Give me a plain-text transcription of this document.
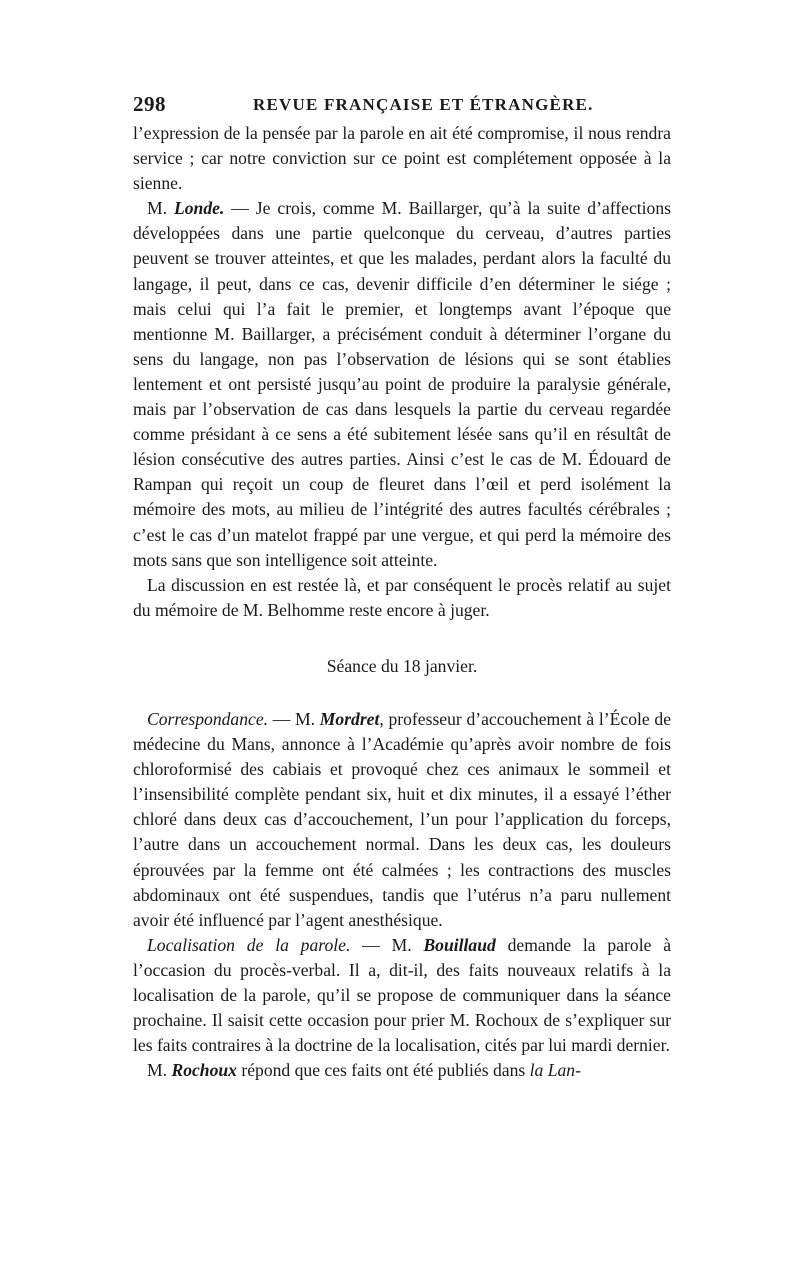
298	REVUE FRANÇAISE ET ÉTRANGÈRE.

l’expression de la pensée par la parole en ait été compromise, il nous rendra service ; car notre conviction sur ce point est complétement opposée à la sienne.

M. Londe. — Je crois, comme M. Baillarger, qu’à la suite d’affections développées dans une partie quelconque du cerveau, d’autres parties peuvent se trouver atteintes, et que les malades, perdant alors la faculté du langage, il peut, dans ce cas, devenir difficile d’en déterminer le siége ; mais celui qui l’a fait le premier, et longtemps avant l’époque que mentionne M. Baillarger, a précisément conduit à déterminer l’organe du sens du langage, non pas l’observation de lésions qui se sont établies lentement et ont persisté jusqu’au point de produire la paralysie générale, mais par l’observation de cas dans lesquels la partie du cerveau regardée comme présidant à ce sens a été subitement lésée sans qu’il en résultât de lésion consécutive des autres parties. Ainsi c’est le cas de M. Édouard de Rampan qui reçoit un coup de fleuret dans l’œil et perd isolément la mémoire des mots, au milieu de l’intégrité des autres facultés cérébrales ; c’est le cas d’un matelot frappé par une vergue, et qui perd la mémoire des mots sans que son intelligence soit atteinte.

La discussion en est restée là, et par conséquent le procès relatif au sujet du mémoire de M. Belhomme reste encore à juger.

Séance du 18 janvier.

Correspondance. — M. Mordret, professeur d’accouchement à l’École de médecine du Mans, annonce à l’Académie qu’après avoir nombre de fois chloroformisé des cabiais et provoqué chez ces animaux le sommeil et l’insensibilité complète pendant six, huit et dix minutes, il a essayé l’éther chloré dans deux cas d’accouchement, l’un pour l’application du forceps, l’autre dans un accouchement normal. Dans les deux cas, les douleurs éprouvées par la femme ont été calmées ; les contractions des muscles abdominaux ont été suspendues, tandis que l’utérus n’a paru nullement avoir été influencé par l’agent anesthésique.

Localisation de la parole. — M. Bouillaud demande la parole à l’occasion du procès-verbal. Il a, dit-il, des faits nouveaux relatifs à la localisation de la parole, qu’il se propose de communiquer dans la séance prochaine. Il saisit cette occasion pour prier M. Rochoux de s’expliquer sur les faits contraires à la doctrine de la localisation, cités par lui mardi dernier.

M. Rochoux répond que ces faits ont été publiés dans la Lan-
